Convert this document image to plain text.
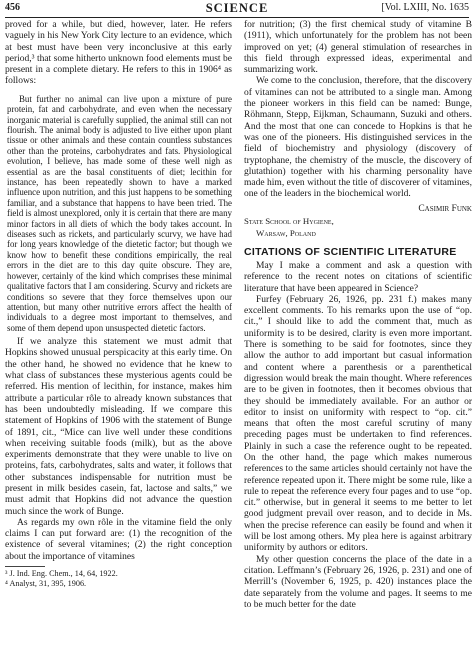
456	SCIENCE	[Vol. LXIII, No. 1635

proved for a while, but died, however, later. He refers vaguely in his New York City lecture to an evidence, which at best must have been very inconclusive at this early period,³ that some hitherto unknown food elements must be present in a complete dietary. He refers to this in 1906⁴ as follows:

But further no animal can live upon a mixture of pure protein, fat and carbohydrate, and even when the necessary inorganic material is carefully supplied, the animal still can not flourish. The animal body is adjusted to live either upon plant tissue or other animals and these contain countless substances other than the proteins, carbohydrates and fats. Physiological evolution, I believe, has made some of these well nigh as essential as are the basal constituents of diet; lecithin for instance, has been repeatedly shown to have a marked influence upon nutrition, and this just happens to be something familiar, and a substance that happens to have been tried. The field is almost unexplored, only it is certain that there are many minor factors in all diets of which the body takes account. In diseases such as rickets, and particularly scurvy, we have had for long years knowledge of the dietetic factor; but though we know how to benefit these conditions empirically, the real errors in the diet are to this day quite obscure. They are, however, certainly of the kind which comprises these minimal qualitative factors that I am considering. Scurvy and rickets are conditions so severe that they force themselves upon our attention, but many other nutritive errors affect the health of individuals to a degree most important to themselves, and some of them depend upon unsuspected dietetic factors.

If we analyze this statement we must admit that Hopkins showed unusual perspicacity at this early time. On the other hand, he showed no evidence that he knew to what class of substances these mysterious agents could be referred. His mention of lecithin, for instance, makes him attribute a particular rôle to already known substances that has been undoubtedly misleading. If we compare this statement of Hopkins of 1906 with the statement of Bunge of 1891, cit., “Mice can live well under these conditions when receiving suitable foods (milk), but as the above experiments demonstrate that they were unable to live on proteins, fats, carbohydrates, salts and water, it follows that other substances indispensable for nutrition must be present in milk besides casein, fat, lactose and salts,” we must admit that Hopkins did not advance the question much since the work of Bunge.

As regards my own rôle in the vitamine field the only claims I can put forward are: (1) the recognition of the existence of several vitamines; (2) the right conception about the importance of vitamines

³ J. Ind. Eng. Chem., 14, 64, 1922.

⁴ Analyst, 31, 395, 1906.

for nutrition; (3) the first chemical study of vitamine B (1911), which unfortunately for the problem has not been improved on yet; (4) general stimulation of researches in this field through expressed ideas, experimental and summarizing work.

We come to the conclusion, therefore, that the discovery of vitamines can not be attributed to a single man. Among the pioneer workers in this field can be named: Bunge, Röhmann, Stepp, Eijkman, Schaumann, Suzuki and others. And the most that one can concede to Hopkins is that he was one of the pioneers. His distinguished services in the field of biochemistry and physiology (discovery of tryptophane, the chemistry of the muscle, the discovery of glutathion) together with his charming personality have made him, even without the title of discoverer of vitamines, one of the leaders in the biochemical world.

Casimir Funk

State School of Hygiene,

Warsaw, Poland

CITATIONS OF SCIENTIFIC LITERATURE

May I make a comment and ask a question with reference to the recent notes on citations of scientific literature that have been appeared in Science?

Furfey (February 26, 1926, pp. 231 f.) makes many excellent comments. To his remarks upon the use of “op. cit.,” I should like to add the comment that, much as uniformity is to be desired, clarity is even more important. There is something to be said for footnotes, since they allow the author to add important but casual information and content where a parenthesis or a parenthetical digression would break the main thought. Where references are to be given in footnotes, then it becomes obvious that they should be immediately available. For an author or editor to insist on uniformity with respect to “op. cit.” means that often the most careful scrutiny of many preceding pages must be undertaken to find references. Plainly in such a case the reference ought to be repeated. On the other hand, the page which makes numerous references to the same articles should certainly not have the reference repeated upon it. There might be some rule, like a rule to repeat the reference every four pages and to use “op. cit.” otherwise, but in general it seems to me better to let good judgment prevail over reason, and to decide in Ms. when the precise reference can easily be found and when it will be lost among others. My plea here is against arbitrary uniformity by authors or editors.

My other question concerns the place of the date in a citation. Leffmann’s (February 26, 1926, p. 231) and one of Merrill’s (November 6, 1925, p. 420) instances place the date separately from the volume and pages. It seems to me to be much better for the date
